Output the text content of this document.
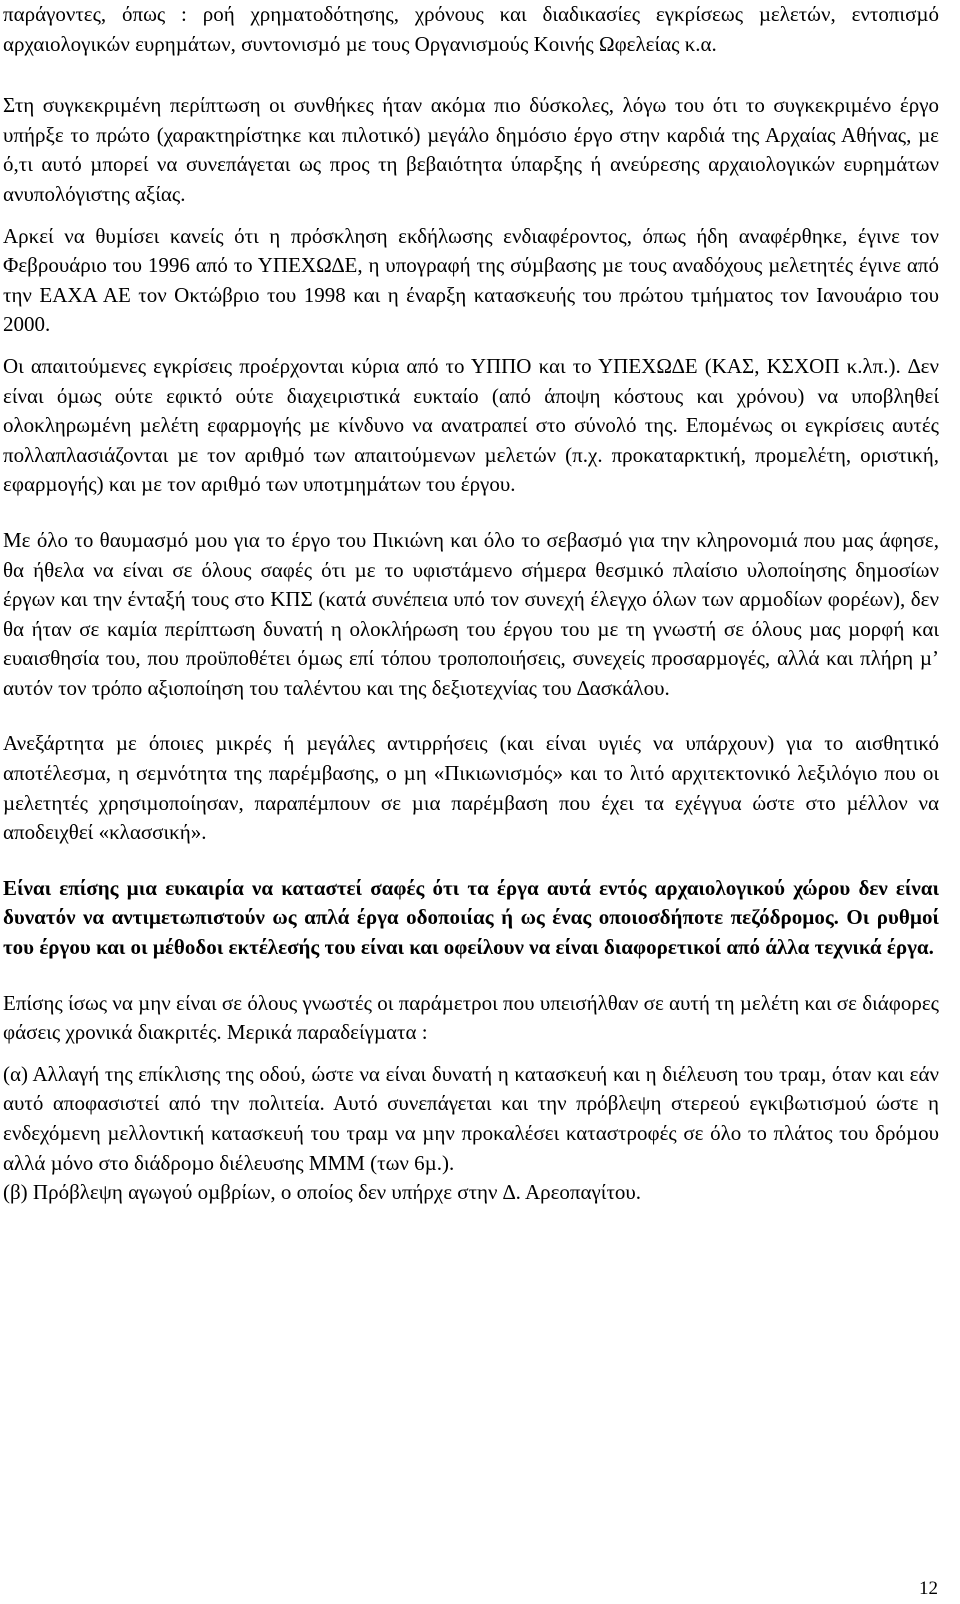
παράγοντες, όπως : ροή χρηµατοδότησης, χρόνους και διαδικασίες εγκρίσεως µελετών, εντοπισµό αρχαιολογικών ευρηµάτων, συντονισµό µε τους Οργανισµούς Κοινής Ωφελείας κ.α.

Στη συγκεκριµένη περίπτωση οι συνθήκες ήταν ακόµα πιο δύσκολες, λόγω του ότι το συγκεκριµένο έργο υπήρξε το πρώτο (χαρακτηρίστηκε και πιλοτικό) µεγάλο δηµόσιο έργο στην καρδιά της Αρχαίας Αθήνας, µε ό,τι αυτό µπορεί να συνεπάγεται ως προς τη βεβαιότητα ύπαρξης ή ανεύρεσης αρχαιολογικών ευρηµάτων ανυπολόγιστης αξίας.

Αρκεί να θυµίσει κανείς ότι η πρόσκληση εκδήλωσης ενδιαφέροντος, όπως ήδη αναφέρθηκε, έγινε τον Φεβρουάριο του 1996 από το ΥΠΕΧΩ∆Ε, η υπογραφή της σύµβασης µε τους αναδόχους µελετητές έγινε από την ΕΑΧΑ ΑΕ τον Οκτώβριο του 1998 και η έναρξη κατασκευής του πρώτου τµήµατος τον Ιανουάριο του 2000.

Οι απαιτούµενες εγκρίσεις προέρχονται κύρια από το ΥΠΠΟ και το ΥΠΕΧΩ∆Ε (ΚΑΣ, ΚΣΧΟΠ κ.λπ.). ∆εν είναι όµως ούτε εφικτό ούτε διαχειριστικά ευκταίο (από άποψη κόστους και χρόνου) να υποβληθεί ολοκληρωµένη µελέτη εφαρµογής µε κίνδυνο να ανατραπεί στο σύνολό της. Εποµένως οι εγκρίσεις αυτές πολλαπλασιάζονται µε τον αριθµό των απαιτούµενων µελετών (π.χ. προκαταρκτική, προµελέτη, οριστική, εφαρµογής) και µε τον αριθµό των υποτµηµάτων του έργου.

Με όλο το θαυµασµό µου για το έργο του Πικιώνη και όλο το σεβασµό για την κληρονοµιά που µας άφησε, θα ήθελα να είναι σε όλους σαφές ότι µε το υφιστάµενο σήµερα θεσµικό πλαίσιο υλοποίησης δηµοσίων έργων και την ένταξή τους στο ΚΠΣ (κατά συνέπεια υπό τον συνεχή έλεγχο όλων των αρµοδίων φορέων), δεν θα ήταν σε καµία περίπτωση δυνατή η ολοκλήρωση του έργου του µε τη γνωστή σε όλους µας µορφή και ευαισθησία του, που προϋποθέτει όµως επί τόπου τροποποιήσεις, συνεχείς προσαρµογές, αλλά και πλήρη µ’ αυτόν τον τρόπο αξιοποίηση του ταλέντου και της δεξιοτεχνίας του ∆ασκάλου.

Ανεξάρτητα µε όποιες µικρές ή µεγάλες αντιρρήσεις (και είναι υγιές να υπάρχουν) για το αισθητικό αποτέλεσµα, η σεµνότητα της παρέµβασης, ο µη «Πικιωνισµός» και το λιτό αρχιτεκτονικό λεξιλόγιο που οι µελετητές χρησιµοποίησαν, παραπέµπουν σε µια παρέµβαση που έχει τα εχέγγυα ώστε στο µέλλον να αποδειχθεί «κλασσική».

Είναι επίσης µια ευκαιρία να καταστεί σαφές ότι τα έργα αυτά εντός αρχαιολογικού χώρου δεν είναι δυνατόν να αντιµετωπιστούν ως απλά έργα οδοποιίας ή ως ένας οποιοσδήποτε πεζόδροµος. Οι ρυθµοί του έργου και οι µέθοδοι εκτέλεσής του είναι και οφείλουν να είναι διαφορετικοί από άλλα τεχνικά έργα.

Επίσης ίσως να µην είναι σε όλους γνωστές οι παράµετροι που υπεισήλθαν σε αυτή τη µελέτη και σε διάφορες φάσεις χρονικά διακριτές. Μερικά παραδείγµατα :

(α) Αλλαγή της επίκλισης της οδού, ώστε να είναι δυνατή η κατασκευή και η διέλευση του τραµ, όταν και εάν αυτό αποφασιστεί από την πολιτεία. Αυτό συνεπάγεται και την πρόβλεψη στερεού εγκιβωτισµού ώστε η ενδεχόµενη µελλοντική κατασκευή του τραµ να µην προκαλέσει καταστροφές σε όλο το πλάτος του δρόµου αλλά µόνο στο διάδροµο διέλευσης ΜΜΜ (των 6µ.).

(β) Πρόβλεψη αγωγού οµβρίων, ο οποίος δεν υπήρχε στην ∆. Αρεοπαγίτου.

12
